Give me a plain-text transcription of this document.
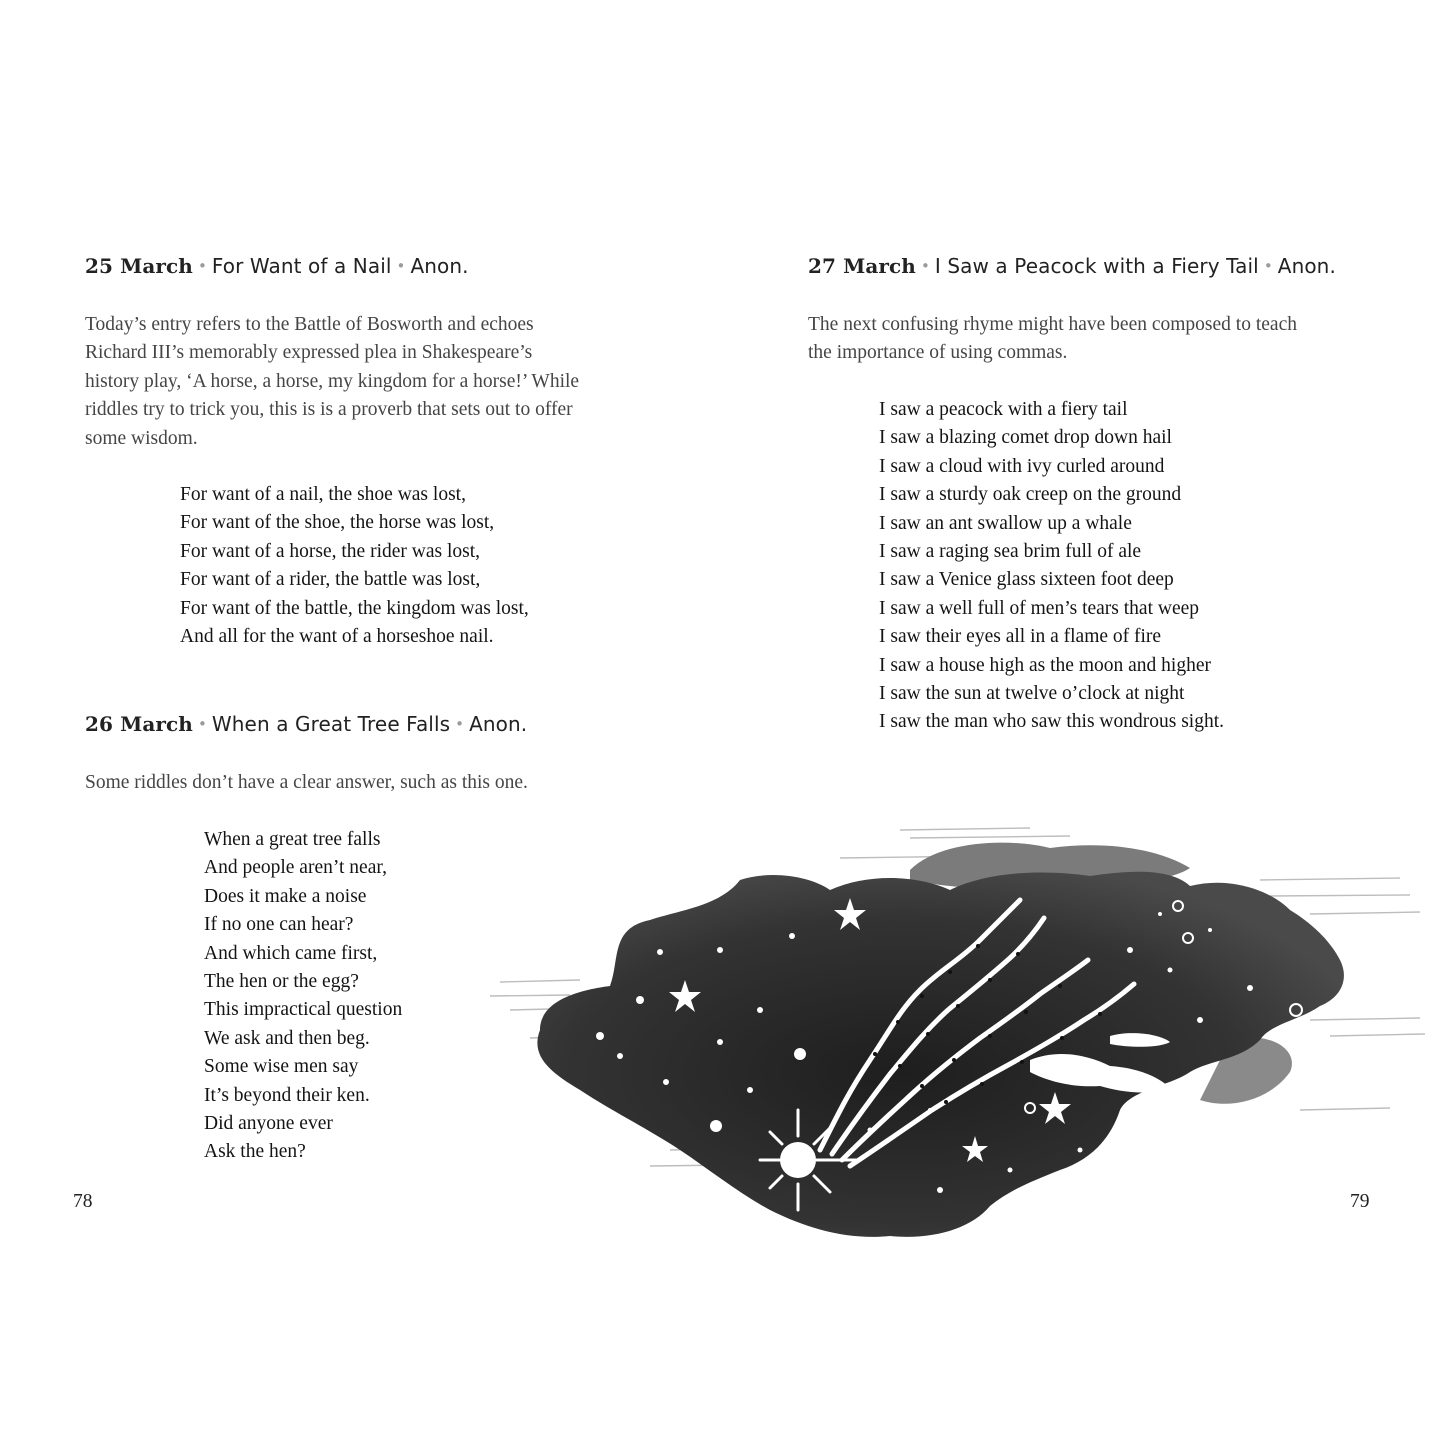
25 March • For Want of a Nail • Anon.

Today’s entry refers to the Battle of Bosworth and echoes

Richard III’s memorably expressed plea in Shakespeare’s

history play, ‘A horse, a horse, my kingdom for a horse!’ While

riddles try to trick you, this is is a proverb that sets out to offer

some wisdom.

For want of a nail, the shoe was lost,
For want of the shoe, the horse was lost,
For want of a horse, the rider was lost,
For want of a rider, the battle was lost,
For want of the battle, the kingdom was lost,
And all for the want of a horseshoe nail.
26 March • When a Great Tree Falls • Anon.

Some riddles don’t have a clear answer, such as this one.

When a great tree falls
And people aren’t near,
Does it make a noise
If no one can hear?
And which came first,
The hen or the egg?
This impractical question
We ask and then beg.
Some wise men say
It’s beyond their ken.
Did anyone ever
Ask the hen?
27 March • I Saw a Peacock with a Fiery Tail • Anon.

The next confusing rhyme might have been composed to teach

the importance of using commas.

I saw a peacock with a fiery tail
I saw a blazing comet drop down hail
I saw a cloud with ivy curled around
I saw a sturdy oak creep on the ground
I saw an ant swallow up a whale
I saw a raging sea brim full of ale
I saw a Venice glass sixteen foot deep
I saw a well full of men’s tears that weep
I saw their eyes all in a flame of fire
I saw a house high as the moon and higher
I saw the sun at twelve o’clock at night
I saw the man who saw this wondrous sight.
78	79
